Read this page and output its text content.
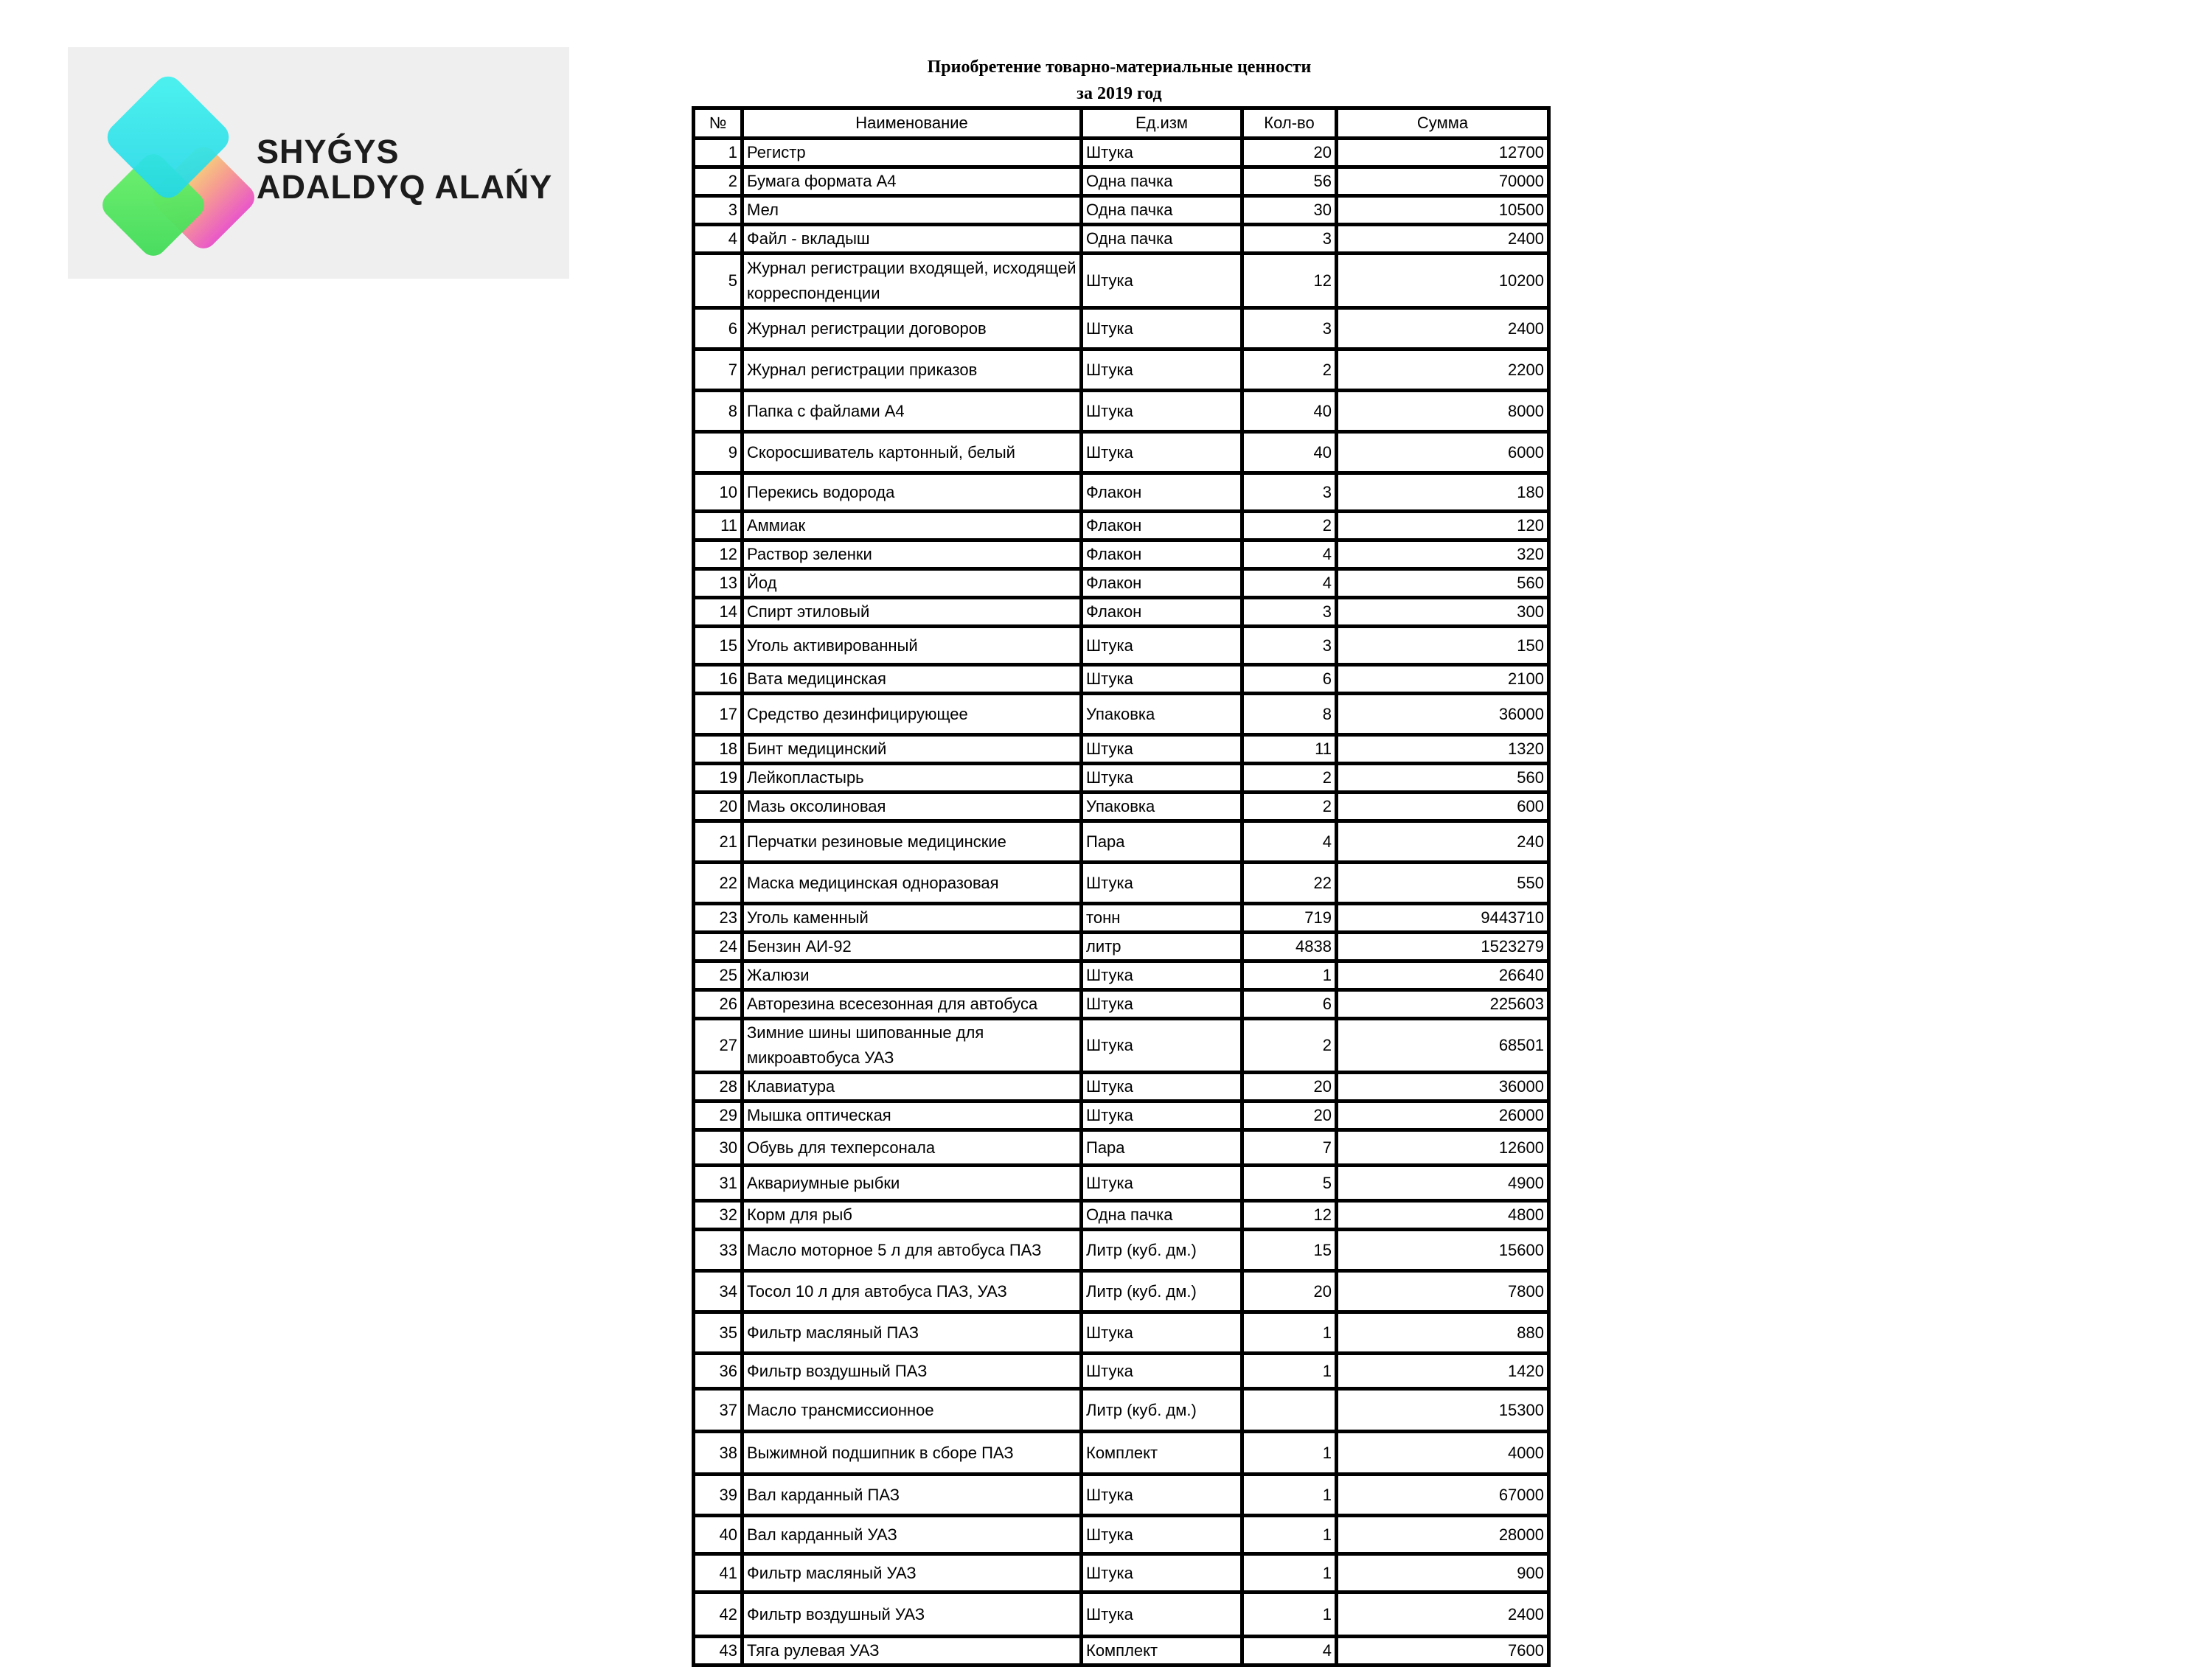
SHYǴYS
ADALDYQ ALAŃY
Приобретение товарно-материальные ценности
за 2019 год
№	Наименование	Ед.изм	Кол-во	Сумма
1	Регистр	Штука	20	12700
2	Бумага формата А4	Одна пачка	56	70000
3	Мел	Одна пачка	30	10500
4	Файл - вкладыш	Одна пачка	3	2400
5	Журнал регистрации входящей, исходящей корреспонденции	Штука	12	10200
6	Журнал регистрации договоров	Штука	3	2400
7	Журнал регистрации приказов	Штука	2	2200
8	Папка с файлами А4	Штука	40	8000
9	Скоросшиватель картонный, белый	Штука	40	6000
10	Перекись водорода	Флакон	3	180
11	Аммиак	Флакон	2	120
12	Раствор зеленки	Флакон	4	320
13	Йод	Флакон	4	560
14	Спирт этиловый	Флакон	3	300
15	Уголь активированный	Штука	3	150
16	Вата медицинская	Штука	6	2100
17	Средство дезинфицирующее	Упаковка	8	36000
18	Бинт медицинский	Штука	11	1320
19	Лейкопластырь	Штука	2	560
20	Мазь оксолиновая	Упаковка	2	600
21	Перчатки резиновые медицинские	Пара	4	240
22	Маска медицинская одноразовая	Штука	22	550
23	Уголь каменный	тонн	719	9443710
24	Бензин АИ-92	литр	4838	1523279
25	Жалюзи	Штука	1	26640
26	Авторезина всесезонная для автобуса	Штука	6	225603
27	Зимние шины шипованные для микроавтобуса УАЗ	Штука	2	68501
28	Клавиатура	Штука	20	36000
29	Мышка оптическая	Штука	20	26000
30	Обувь для техперсонала	Пара	7	12600
31	Аквариумные рыбки	Штука	5	4900
32	Корм для рыб	Одна пачка	12	4800
33	Масло моторное 5 л для автобуса ПАЗ	Литр (куб. дм.)	15	15600
34	Тосол 10 л для автобуса ПАЗ, УАЗ	Литр (куб. дм.)	20	7800
35	Фильтр масляный ПАЗ	Штука	1	880
36	Фильтр воздушный ПАЗ	Штука	1	1420
37	Масло трансмиссионное	Литр (куб. дм.)		15300
38	Выжимной подшипник в сборе ПАЗ	Комплект	1	4000
39	Вал карданный ПАЗ	Штука	1	67000
40	Вал карданный УАЗ	Штука	1	28000
41	Фильтр масляный УАЗ	Штука	1	900
42	Фильтр воздушный УАЗ	Штука	1	2400
43	Тяга рулевая УАЗ	Комплект	4	7600
